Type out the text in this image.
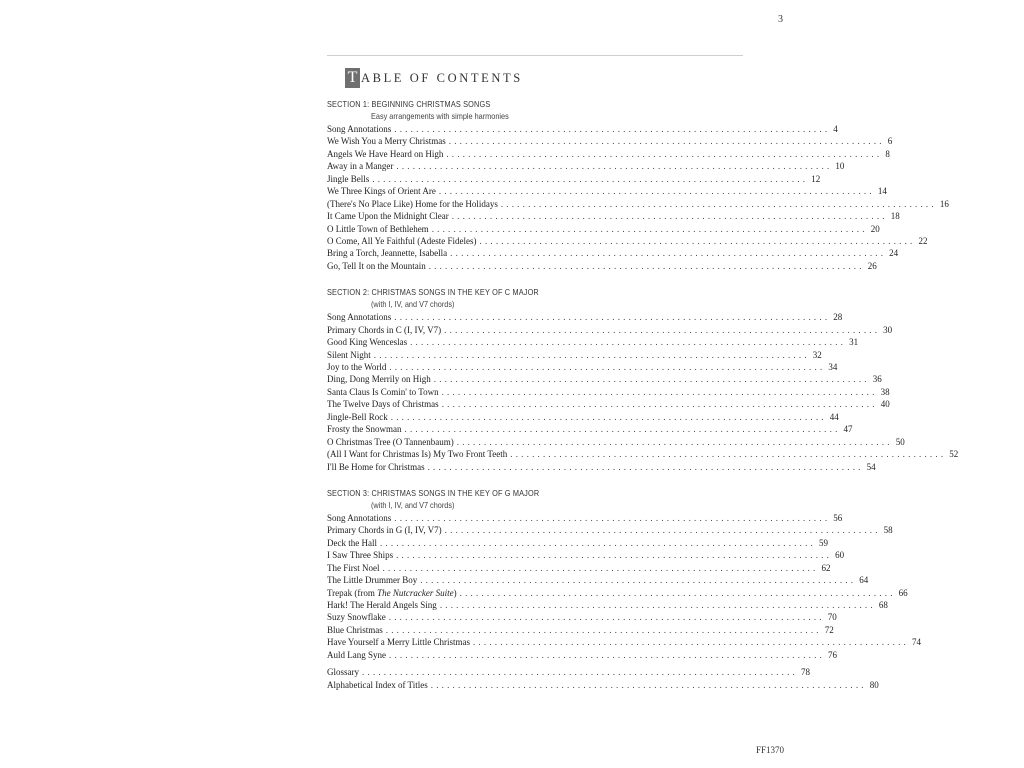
3
T ABLE OF CONTENTS
SECTION 1: BEGINNING CHRISTMAS SONGS
Easy arrangements with simple harmonies
Song Annotations ................................................................................ 4
We Wish You a Merry Christmas ................................................................................ 6
Angels We Have Heard on High ................................................................................ 8
Away in a Manger ................................................................................ 10
Jingle Bells ................................................................................ 12
We Three Kings of Orient Are ................................................................................ 14
(There's No Place Like) Home for the Holidays ................................................................................ 16
It Came Upon the Midnight Clear ................................................................................ 18
O Little Town of Bethlehem ................................................................................ 20
O Come, All Ye Faithful (Adeste Fideles) ................................................................................ 22
Bring a Torch, Jeannette, Isabella ................................................................................ 24
Go, Tell It on the Mountain ................................................................................ 26
SECTION 2: CHRISTMAS SONGS IN THE KEY OF C MAJOR
(with I, IV, and V7 chords)
Song Annotations ................................................................................ 28
Primary Chords in C (I, IV, V7) ................................................................................ 30
Good King Wenceslas ................................................................................ 31
Silent Night ................................................................................ 32
Joy to the World ................................................................................ 34
Ding, Dong Merrily on High ................................................................................ 36
Santa Claus Is Comin' to Town ................................................................................ 38
The Twelve Days of Christmas ................................................................................ 40
Jingle-Bell Rock ................................................................................ 44
Frosty the Snowman ................................................................................ 47
O Christmas Tree (O Tannenbaum) ................................................................................ 50
(All I Want for Christmas Is) My Two Front Teeth ................................................................................ 52
I'll Be Home for Christmas ................................................................................ 54
SECTION 3: CHRISTMAS SONGS IN THE KEY OF G MAJOR
(with I, IV, and V7 chords)
Song Annotations ................................................................................ 56
Primary Chords in G (I, IV, V7) ................................................................................ 58
Deck the Hall ................................................................................ 59
I Saw Three Ships ................................................................................ 60
The First Noel ................................................................................ 62
The Little Drummer Boy ................................................................................ 64
Trepak (from The Nutcracker Suite) ................................................................................ 66
Hark! The Herald Angels Sing ................................................................................ 68
Suzy Snowflake ................................................................................ 70
Blue Christmas ................................................................................ 72
Have Yourself a Merry Little Christmas ................................................................................ 74
Auld Lang Syne ................................................................................ 76
Glossary ................................................................................ 78
Alphabetical Index of Titles ................................................................................ 80
FF1370
